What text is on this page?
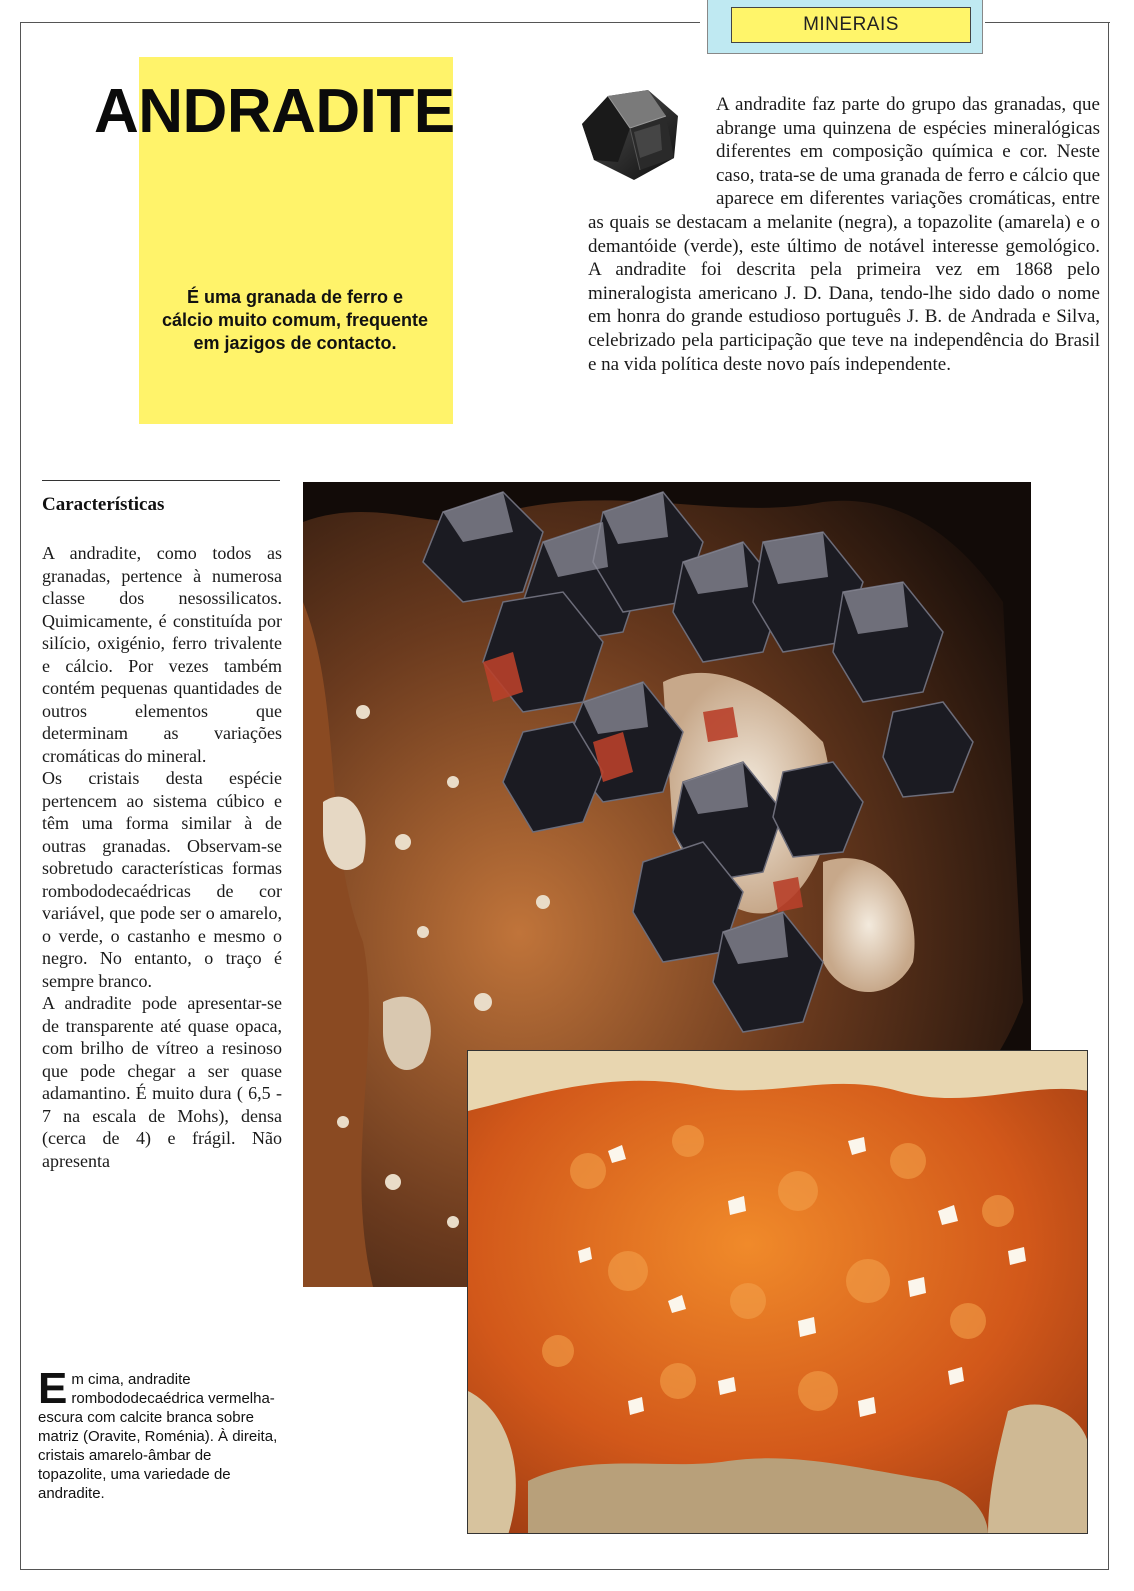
MINERAIS
ANDRADITE
É uma granada de ferro e cálcio muito comum, frequente em jazigos de contacto.
A andradite faz parte do grupo das granadas, que abrange uma quinzena de espécies mineralógicas diferentes em composição química e cor. Neste caso, trata-se de uma granada de ferro e cálcio que aparece em diferentes variações cromáticas, entre as quais se destacam a melanite (negra), a topazolite (amarela) e o demantóide (verde), este último de notável interesse gemológico. A andradite foi descrita pela primeira vez em 1868 pelo mineralogista americano J. D. Dana, tendo-lhe sido dado o nome em honra do grande estudioso português J. B. de Andrada e Silva, celebrizado pela participação que teve na independência do Brasil e na vida política deste novo país independente.
Características

A andradite, como todos as granadas, pertence à numerosa classe dos nesossilicatos. Quimicamente, é constituída por silício, oxigénio, ferro trivalente e cálcio. Por vezes também contém pequenas quantidades de outros elementos que determinam as variações cromáticas do mineral.

Os cristais desta espécie pertencem ao sistema cúbico e têm uma forma similar à de outras granadas. Observam-se sobretudo características formas rombododecaédricas de cor variável, que pode ser o amarelo, o verde, o castanho e mesmo o negro. No entanto, o traço é sempre branco.

A andradite pode apresentar-se de transparente até quase opaca, com brilho de vítreo a resinoso que pode chegar a ser quase adamantino. É muito dura ( 6,5 - 7 na escala de Mohs), densa (cerca de 4) e frágil. Não apresenta

Em cima, andradite rombododecaédrica vermelha-escura com calcite branca sobre matriz (Oravite, Roménia). À direita, cristais amarelo-âmbar de topazolite, uma variedade de andradite.
